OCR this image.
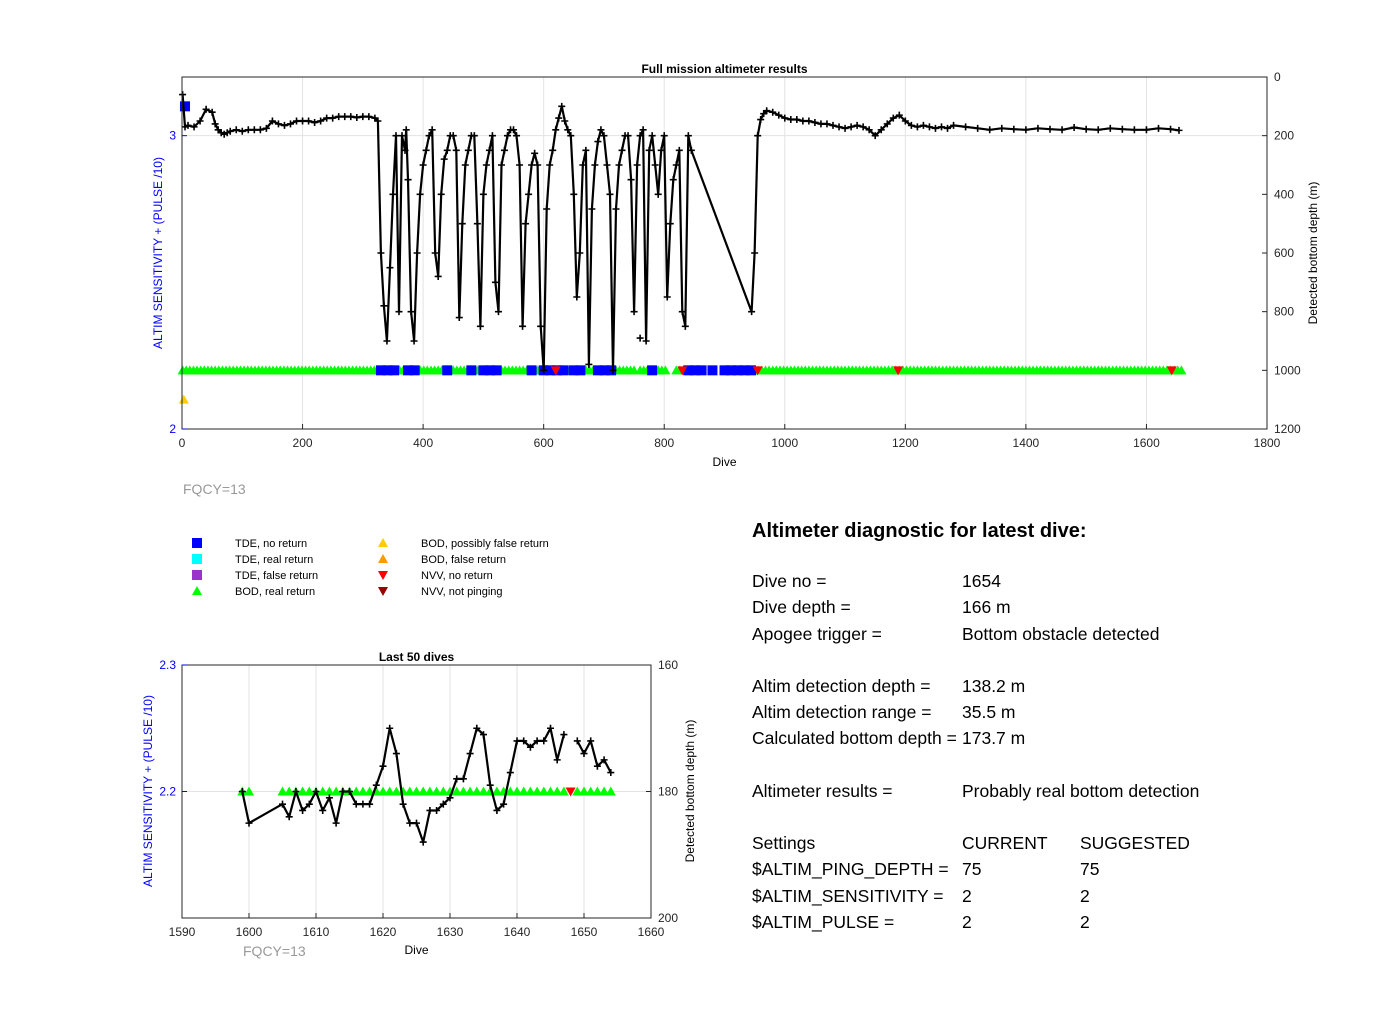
0	200	400	600	800	1000	1200	1400	1600	1800
2
3
0
200
400
600
800
1000
1200
Full mission altimeter results
Dive
ALTIM SENSITIVITY + (PULSE /10)	Detected bottom depth (m)
FQCY=13
TDE, no return
TDE, real return
TDE, false return
BOD, real return
BOD, possibly false return
BOD, false return
NVV, no return
NVV, not pinging
1590	1600	1610	1620	1630	1640	1650	1660
2.2
2.3	160
180
200
Last 50 dives
Dive
ALTIM SENSITIVITY + (PULSE /10)	Detected bottom depth (m)
FQCY=13
Altimeter diagnostic for latest dive:
Dive no =	1654
Dive depth =	166 m
Apogee trigger =	Bottom obstacle detected
Altim detection depth =	138.2 m
Altim detection range =	35.5 m
Calculated bottom depth = 173.7 m
Altimeter results =	Probably real bottom detection
Settings	CURRENT	SUGGESTED
$ALTIM_PING_DEPTH = 75	75
$ALTIM_SENSITIVITY =	2	2
$ALTIM_PULSE =	2	2
